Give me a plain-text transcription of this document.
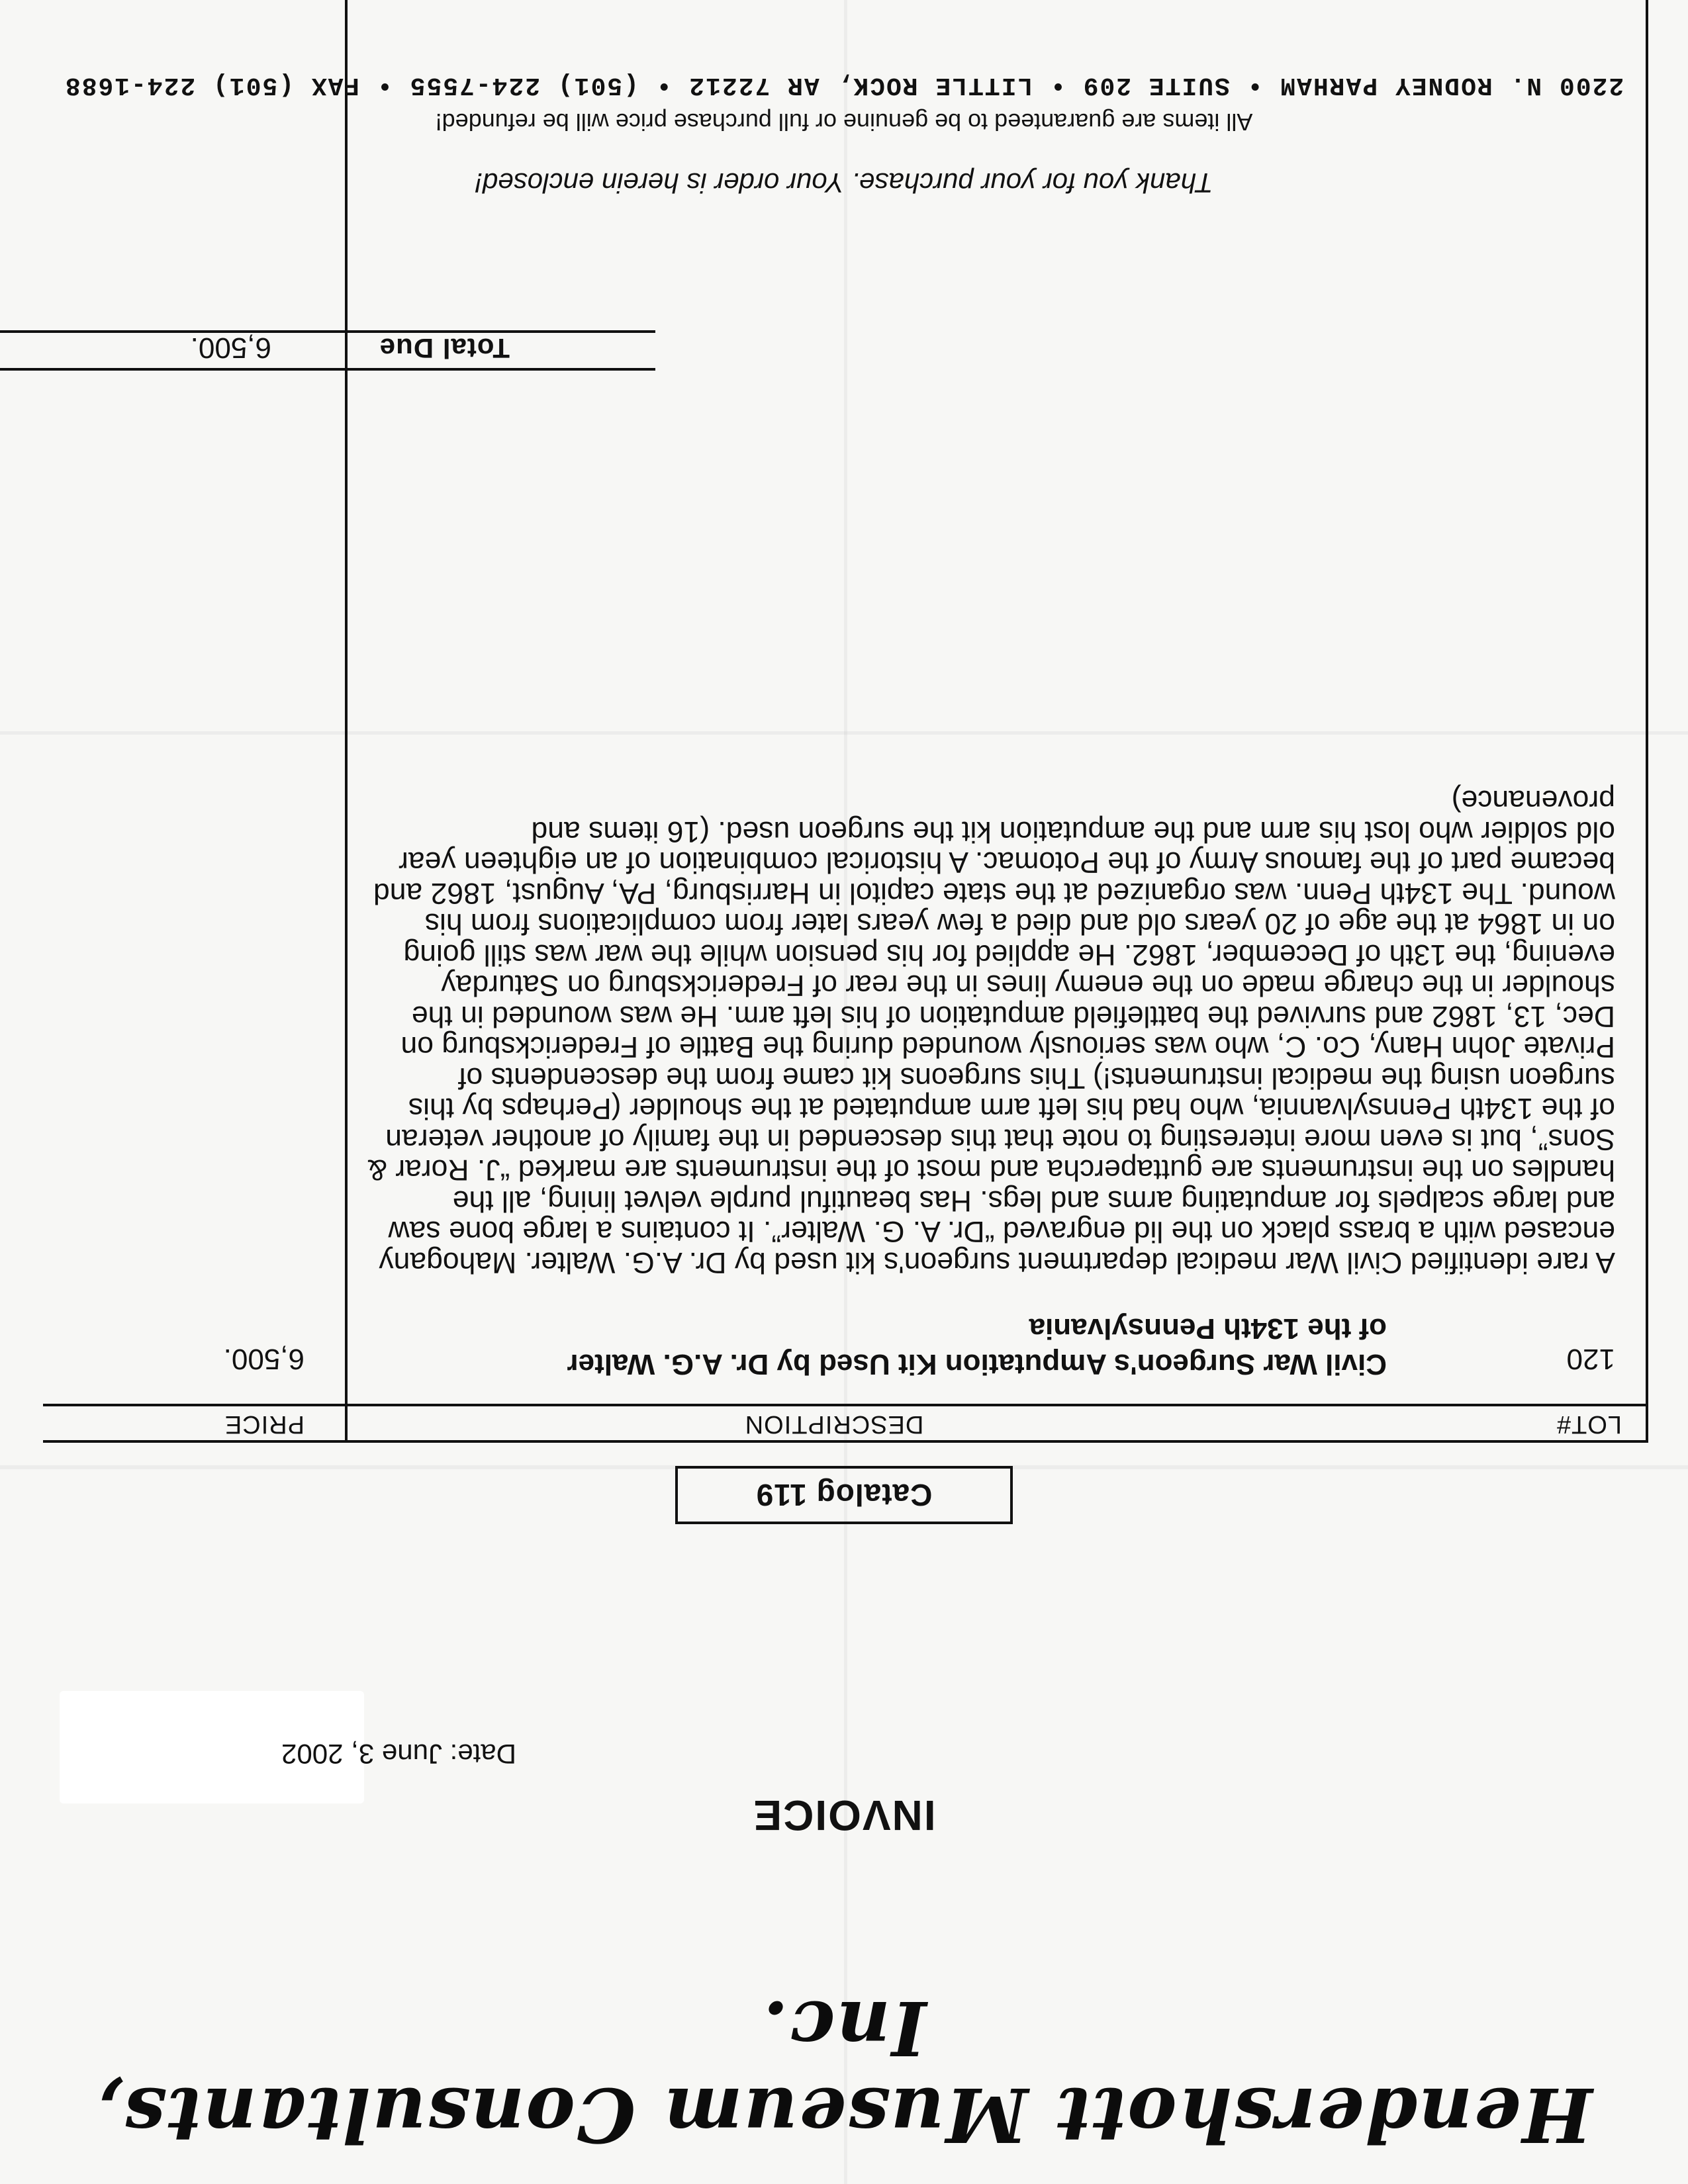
Hendershott Museum Consultants, Inc.
INVOICE
Date: June 3, 2002
Catalog 119
LOT#
DESCRIPTION
PRICE
120
Civil War Surgeon's Amputation Kit Used by Dr. A.G. Walter of the 134th Pennsylvania
6,500.
A rare identified Civil War medical department surgeon's kit used by Dr. A.G. Walter. Mahogany encased with a brass plack on the lid engraved “Dr. A. G. Walter”. It contains a large bone saw and large scalpels for amputating arms and legs. Has beautiful purple velvet lining, all the handles on the instruments are guttapercha and most of the instruments are marked “J. Rorar & Sons”, but is even more interesting to note that this descended in the family of another veteran of the 134th Pennsylvannia, who had his left arm amputated at the shoulder (Perhaps by this surgeon using the medical instruments!) This surgeons kit came from the descendents of Private John Hany, Co. C, who was seriously wounded during the Battle of Fredericksburg on Dec, 13, 1862 and survived the battlefield amputation of his left arm. He was wounded in the shoulder in the charge made on the enemy lines in the rear of Fredericksburg on Saturday evening, the 13th of December, 1862. He applied for his pension while the war was still going on in 1864 at the age of 20 years old and died a few years later from complications from his wound. The 134th Penn. was organized at the state capitol in Harrisburg, PA, August, 1862 and became part of the famous Army of the Potomac. A historical combination of an eighteen year old soldier who lost his arm and the amputation kit the surgeon used. (16 items and provenance)
Total Due
6,500.
Thank you for your purchase. Your order is herein enclosed!
All items are guaranteed to be genuine or full purchase price will be refunded!
2200 N. RODNEY PARHAM • SUITE 209 • LITTLE ROCK, AR 72212 • (501) 224-7555 • FAX (501) 224-1688
